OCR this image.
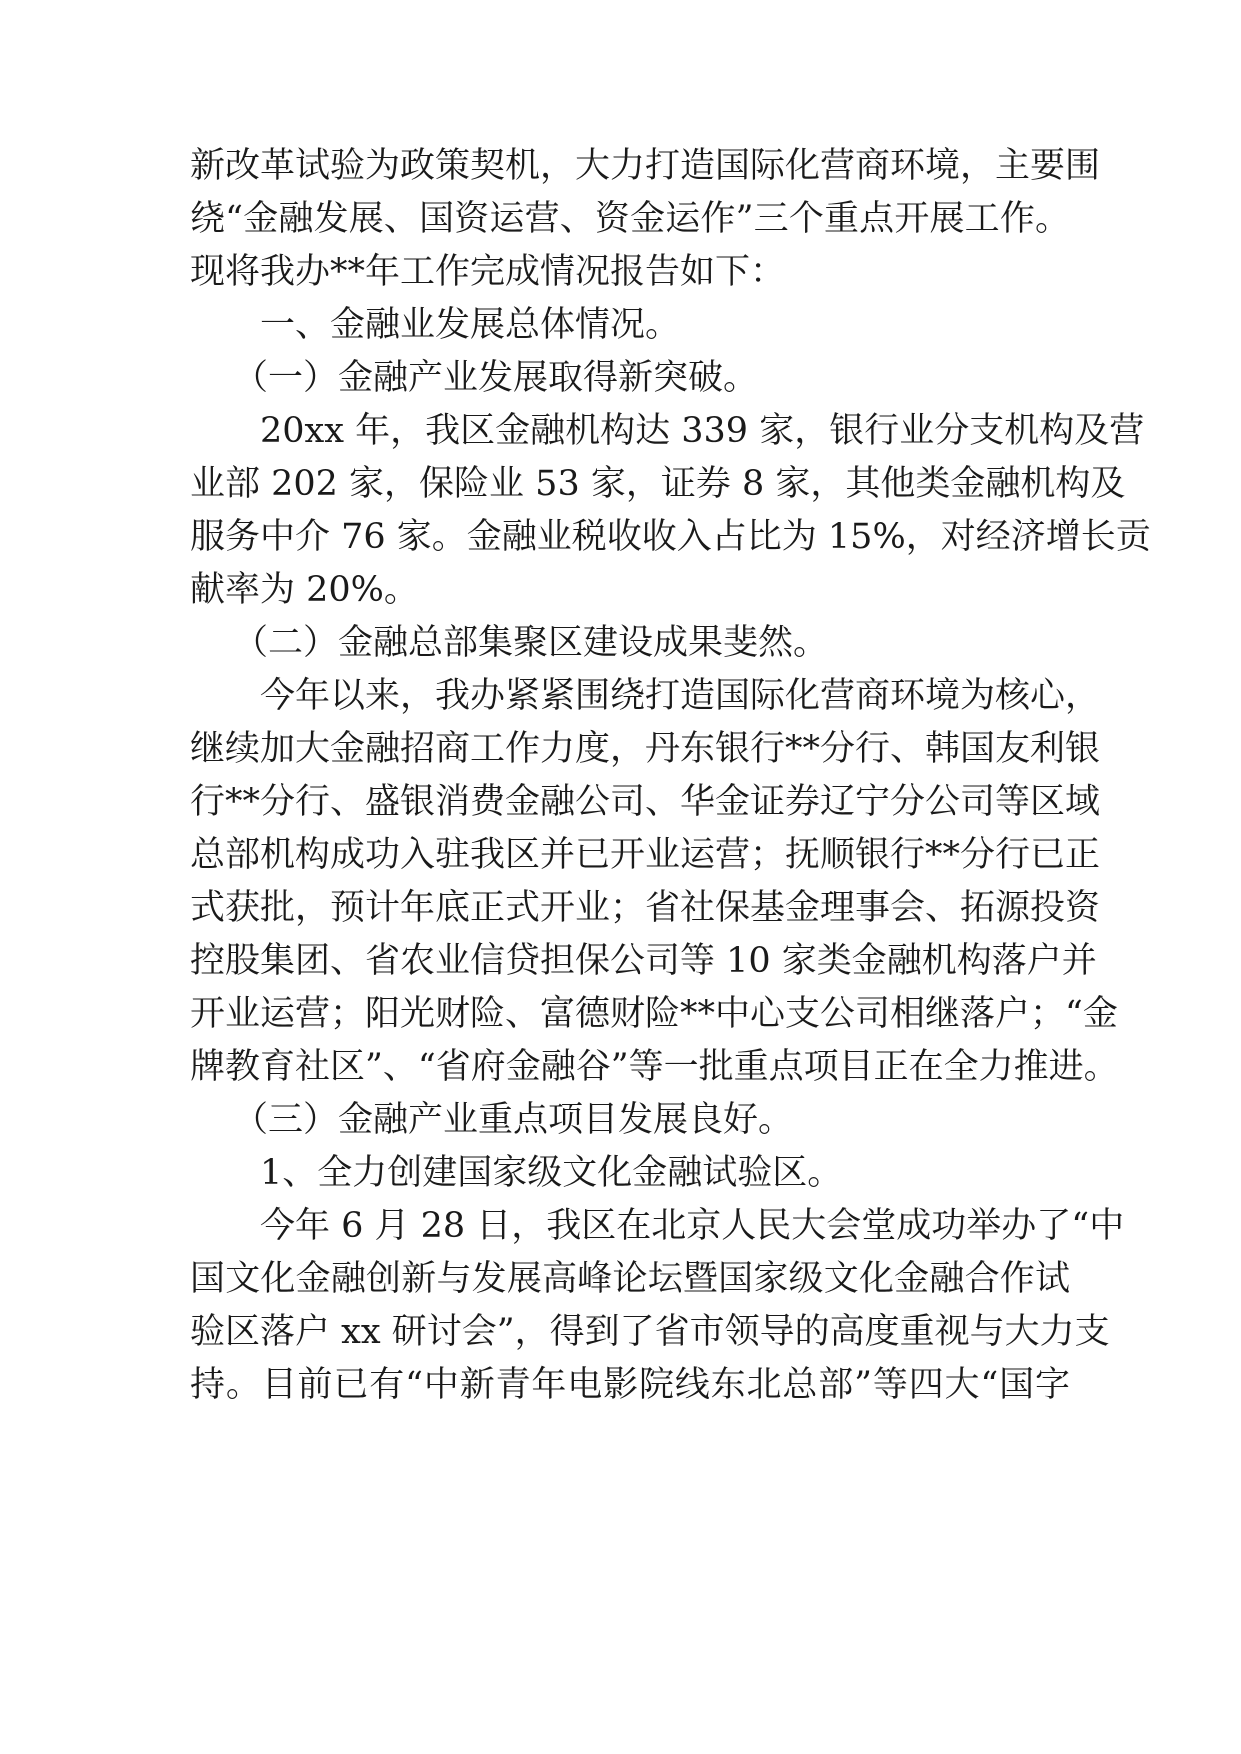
新改革试验为政策契机，大力打造国际化营商环境，主要围
绕“金融发展、国资运营、资金运作”三个重点开展工作。
现将我办**年工作完成情况报告如下：
一、金融业发展总体情况。
（一）金融产业发展取得新突破。
20xx 年，我区金融机构达 339 家，银行业分支机构及营
业部 202 家，保险业 53 家，证券 8 家，其他类金融机构及
服务中介 76 家。金融业税收收入占比为 15%，对经济增长贡
献率为 20%。
（二）金融总部集聚区建设成果斐然。
今年以来，我办紧紧围绕打造国际化营商环境为核心，
继续加大金融招商工作力度，丹东银行**分行、韩国友利银
行**分行、盛银消费金融公司、华金证券辽宁分公司等区域
总部机构成功入驻我区并已开业运营；抚顺银行**分行已正
式获批，预计年底正式开业；省社保基金理事会、拓源投资
控股集团、省农业信贷担保公司等 10 家类金融机构落户并
开业运营；阳光财险、富德财险**中心支公司相继落户；“金
牌教育社区”、“省府金融谷”等一批重点项目正在全力推进。
（三）金融产业重点项目发展良好。
1、全力创建国家级文化金融试验区。
今年 6 月 28 日，我区在北京人民大会堂成功举办了“中
国文化金融创新与发展高峰论坛暨国家级文化金融合作试
验区落户 xx 研讨会”，得到了省市领导的高度重视与大力支
持。目前已有“中新青年电影院线东北总部”等四大“国字
